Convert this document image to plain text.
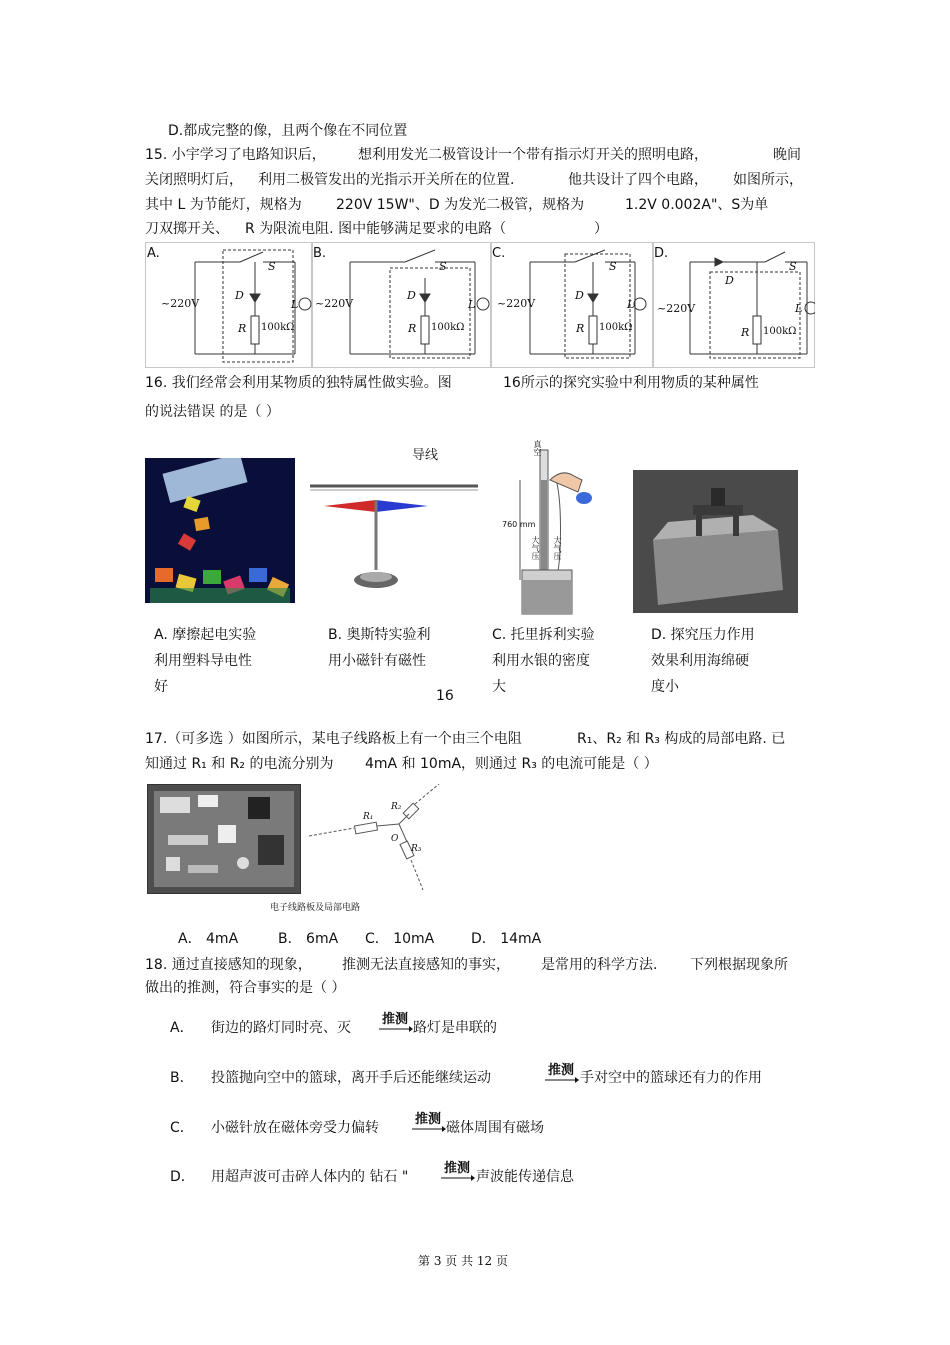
D.都成完整的像，且两个像在不同位置
15. 小宇学习了电路知识后， 想利用发光二极管设计一个带有指示灯开关的照明电路，	晚间
关闭照明灯后， 利用二极管发出的光指示开关所在的位置.	他共设计了四个电路， 如图所示，
其中 L 为节能灯，规格为 220V 15W"、D 为发光二极管，规格为	1.2V 0.002A"、S为单
刀双掷开关、 R 为限流电阻. 图中能够满足要求的电路（	）
A.	B.	C.	D.
~220V
S
D
R 100kΩ
L ~220V
S
D
R 100kΩ
L ~220V
S
D
R 100kΩ
L ~220V
S
D
R 100kΩ
L
16. 我们经常会利用某物质的独特属性做实验。图	16所示的探究实验中利用物质的某种属性
的说法错误 的是（ ）
导线	真空
760 mm
大气压 大气压
A. 摩擦起电实验
利用塑料导电性
好
B. 奥斯特实验利
用小磁针有磁性
C. 托里拆利实验
利用水银的密度
大
D. 探究压力作用
效果利用海绵硬
度小
16
17.（可多选 ）如图所示，某电子线路板上有一个由三个电阻	R₁、R₂ 和 R₃ 构成的局部电路. 已
知通过 R₁ 和 R₂ 的电流分别为 4mA 和 10mA，则通过 R₃ 的电流可能是（ ）
R₁
R₂
R₃
O
电子线路板及局部电路
A． 4mA	B． 6mA C． 10mA	D． 14mA
18. 通过直接感知的现象， 推测无法直接感知的事实， 是常用的科学方法. 下列根据现象所
做出的推测，符合事实的是（ ）
A． 街边的路灯同时亮、灭
推测
路灯是串联的
B． 投篮抛向空中的篮球，离开手后还能继续运动	推测 手对空中的篮球还有力的作用
C． 小磁针放在磁体旁受力偏转
推测
磁体周围有磁场
D． 用超声波可击碎人体内的 钻石 "
推测
声波能传递信息
第 3 页 共 12 页
